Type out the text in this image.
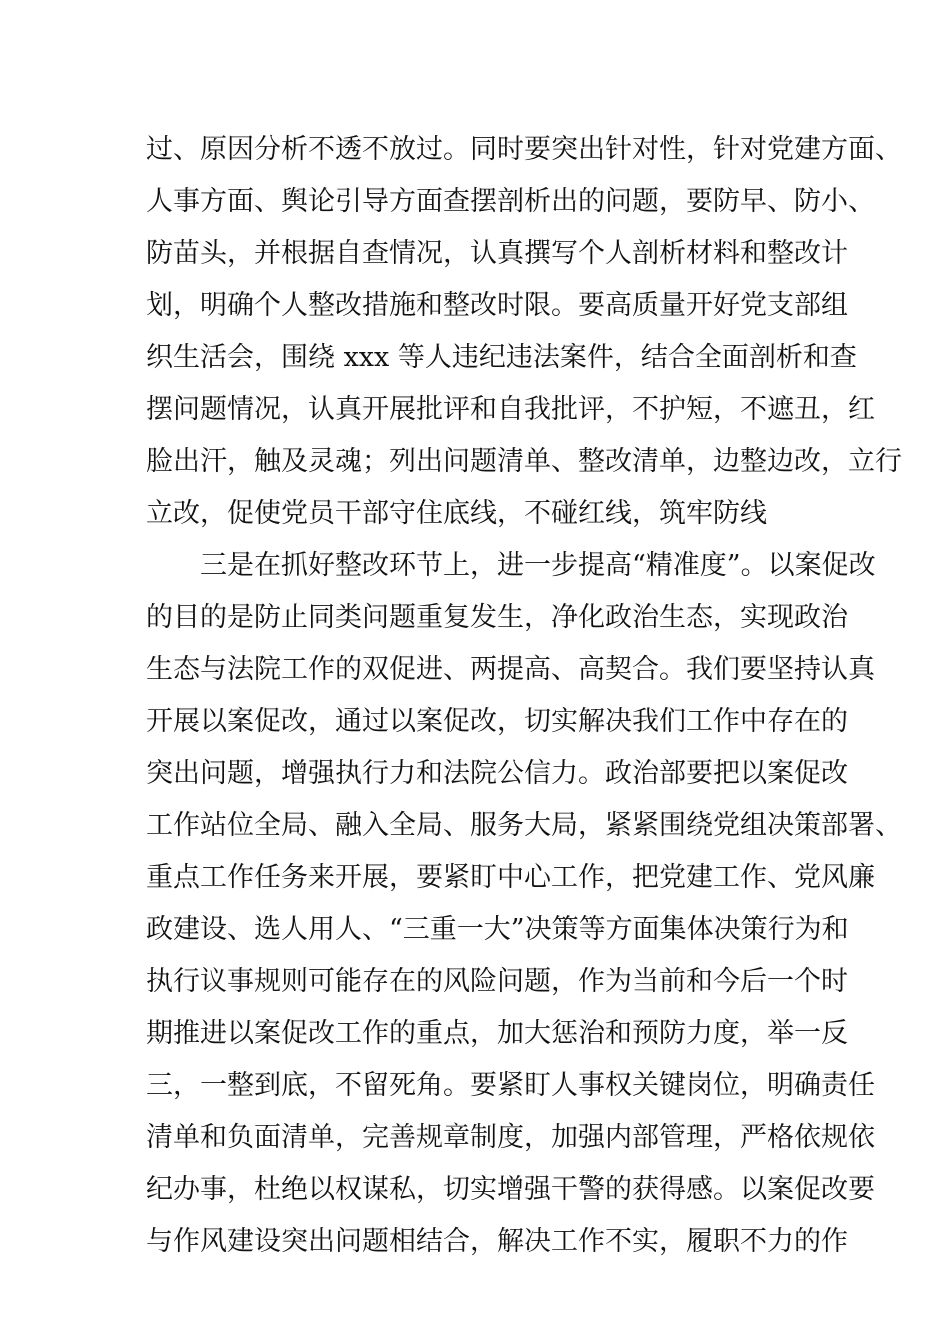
过、原因分析不透不放过。同时要突出针对性，针对党建方面、
人事方面、舆论引导方面查摆剖析出的问题，要防早、防小、
防苗头，并根据自查情况，认真撰写个人剖析材料和整改计
划，明确个人整改措施和整改时限。要高质量开好党支部组
织生活会，围绕 xxx 等人违纪违法案件，结合全面剖析和查
摆问题情况，认真开展批评和自我批评，不护短，不遮丑，红
脸出汗，触及灵魂；列出问题清单、整改清单，边整边改，立行
立改，促使党员干部守住底线，不碰红线，筑牢防线
　　三是在抓好整改环节上，进一步提高“精准度”。以案促改
的目的是防止同类问题重复发生，净化政治生态，实现政治
生态与法院工作的双促进、两提高、高契合。我们要坚持认真
开展以案促改，通过以案促改，切实解决我们工作中存在的
突出问题，增强执行力和法院公信力。政治部要把以案促改
工作站位全局、融入全局、服务大局，紧紧围绕党组决策部署、
重点工作任务来开展，要紧盯中心工作，把党建工作、党风廉
政建设、选人用人、“三重一大”决策等方面集体决策行为和
执行议事规则可能存在的风险问题，作为当前和今后一个时
期推进以案促改工作的重点，加大惩治和预防力度，举一反
三，一整到底，不留死角。要紧盯人事权关键岗位，明确责任
清单和负面清单，完善规章制度，加强内部管理，严格依规依
纪办事，杜绝以权谋私，切实增强干警的获得感。以案促改要
与作风建设突出问题相结合，解决工作不实，履职不力的作
